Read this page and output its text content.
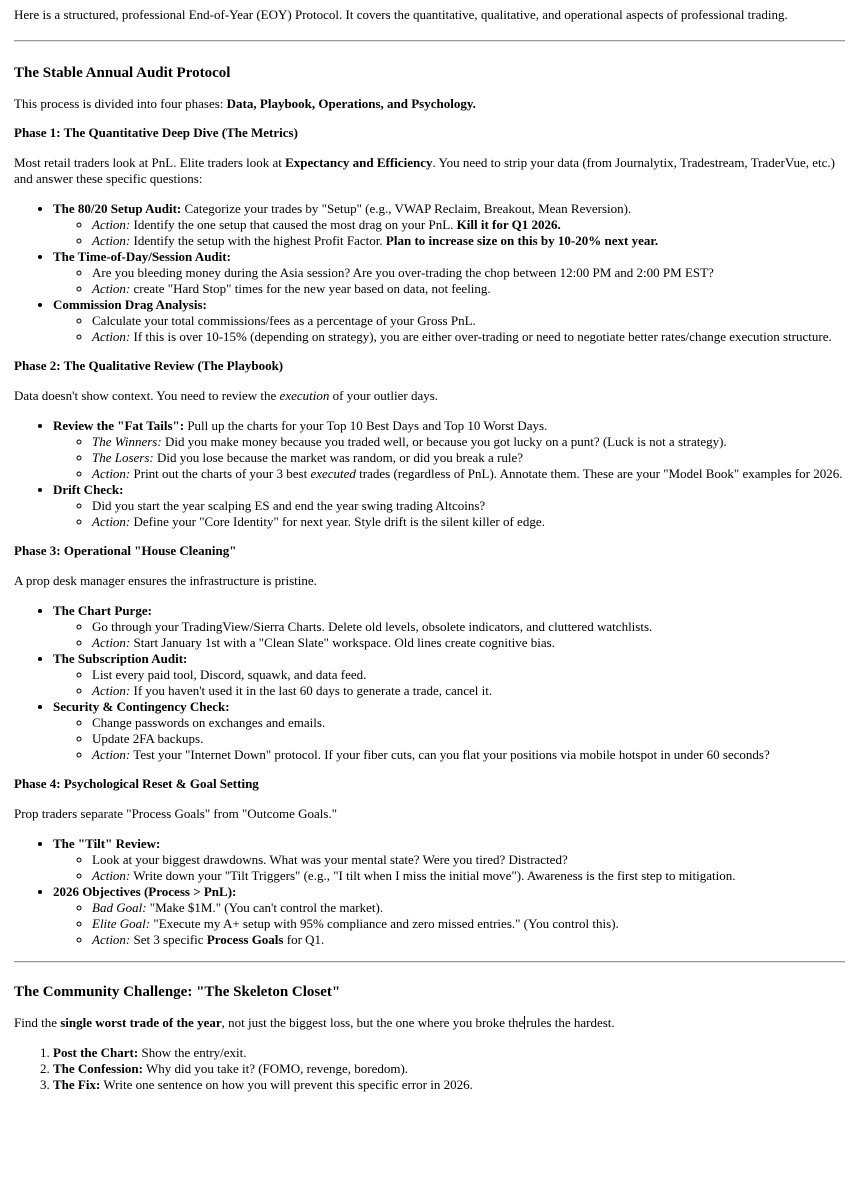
Here is a structured, professional End-of-Year (EOY) Protocol. It covers the quantitative, qualitative, and operational aspects of professional trading.

The Stable Annual Audit Protocol

This process is divided into four phases: Data, Playbook, Operations, and Psychology.

Phase 1: The Quantitative Deep Dive (The Metrics)

Most retail traders look at PnL. Elite traders look at Expectancy and Efficiency. You need to strip your data (from Journalytix, Tradestream, TraderVue, etc.) and answer these specific questions:

• The 80/20 Setup Audit: Categorize your trades by "Setup" (e.g., VWAP Reclaim, Breakout, Mean Reversion).
◦ Action: Identify the one setup that caused the most drag on your PnL. Kill it for Q1 2026.
◦ Action: Identify the setup with the highest Profit Factor. Plan to increase size on this by 10-20% next year.
• The Time-of-Day/Session Audit:
◦ Are you bleeding money during the Asia session? Are you over-trading the chop between 12:00 PM and 2:00 PM EST?
◦ Action: create "Hard Stop" times for the new year based on data, not feeling.
• Commission Drag Analysis:
◦ Calculate your total commissions/fees as a percentage of your Gross PnL.
◦ Action: If this is over 10-15% (depending on strategy), you are either over-trading or need to negotiate better rates/change execution structure.
Phase 2: The Qualitative Review (The Playbook)

Data doesn't show context. You need to review the execution of your outlier days.

• Review the "Fat Tails": Pull up the charts for your Top 10 Best Days and Top 10 Worst Days.
◦ The Winners: Did you make money because you traded well, or because you got lucky on a punt? (Luck is not a strategy).
◦ The Losers: Did you lose because the market was random, or did you break a rule?
◦ Action: Print out the charts of your 3 best executed trades (regardless of PnL). Annotate them. These are your "Model Book" examples for 2026.
• Drift Check:
◦ Did you start the year scalping ES and end the year swing trading Altcoins?
◦ Action: Define your "Core Identity" for next year. Style drift is the silent killer of edge.
Phase 3: Operational "House Cleaning"

A prop desk manager ensures the infrastructure is pristine.

• The Chart Purge:
◦ Go through your TradingView/Sierra Charts. Delete old levels, obsolete indicators, and cluttered watchlists.
◦ Action: Start January 1st with a "Clean Slate" workspace. Old lines create cognitive bias.
• The Subscription Audit:
◦ List every paid tool, Discord, squawk, and data feed.
◦ Action: If you haven't used it in the last 60 days to generate a trade, cancel it.
• Security & Contingency Check:
◦ Change passwords on exchanges and emails.
◦ Update 2FA backups.
◦ Action: Test your "Internet Down" protocol. If your fiber cuts, can you flat your positions via mobile hotspot in under 60 seconds?
Phase 4: Psychological Reset & Goal Setting

Prop traders separate "Process Goals" from "Outcome Goals."

• The "Tilt" Review:
◦ Look at your biggest drawdowns. What was your mental state? Were you tired? Distracted?
◦ Action: Write down your "Tilt Triggers" (e.g., "I tilt when I miss the initial move"). Awareness is the first step to mitigation.
• 2026 Objectives (Process > PnL):
◦ Bad Goal: "Make $1M." (You can't control the market).
◦ Elite Goal: "Execute my A+ setup with 95% compliance and zero missed entries." (You control this).
◦ Action: Set 3 specific Process Goals for Q1.
The Community Challenge: "The Skeleton Closet"

Find the single worst trade of the year, not just the biggest loss, but the one where you broke the rules the hardest.

1. Post the Chart: Show the entry/exit.
2. The Confession: Why did you take it? (FOMO, revenge, boredom).
3. The Fix: Write one sentence on how you will prevent this specific error in 2026.
